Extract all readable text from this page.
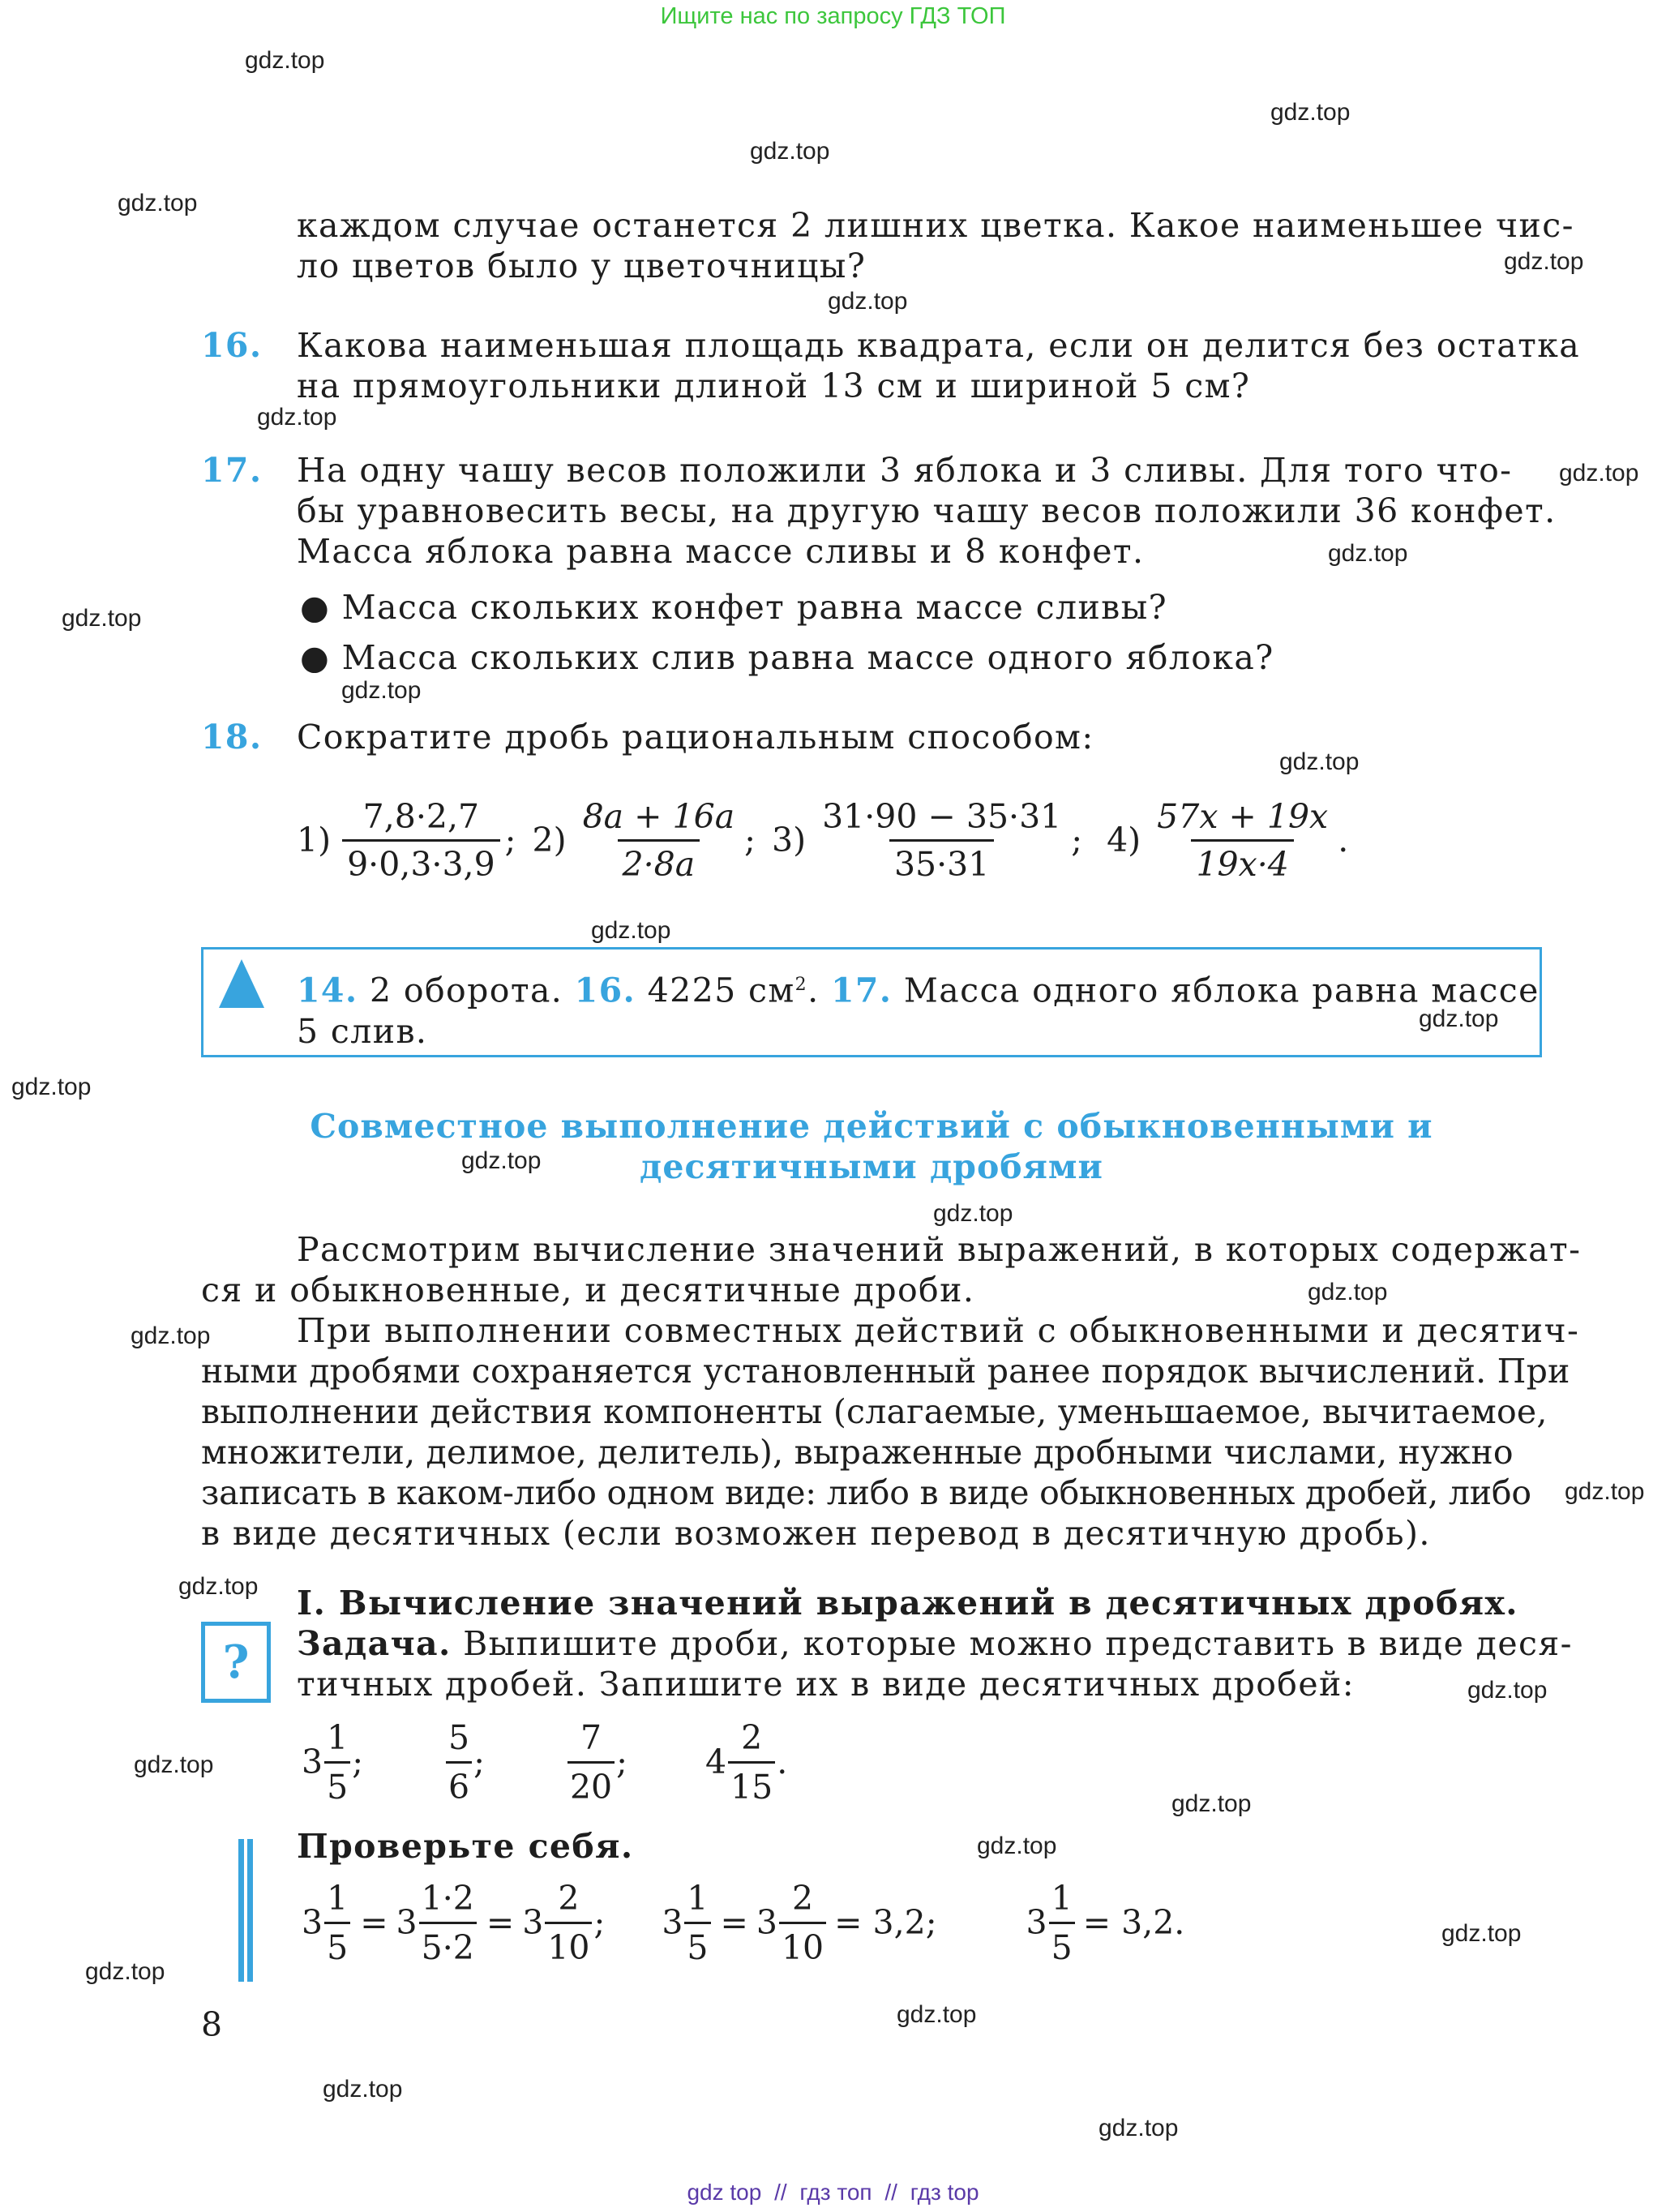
Ищите нас по запросу ГДЗ ТОП
каждом случае останется 2 лишних цветка. Какое наименьшее чис-
ло цветов было у цветочницы?
16. Какова наименьшая площадь квадрата, если он делится без остатка
на прямоугольники длиной 13 см и шириной 5 см?
17. На одну чашу весов положили 3 яблока и 3 сливы. Для того что-
бы уравновесить весы, на другую чашу весов положили 36 конфет.
Масса яблока равна массе сливы и 8 конфет.
● Масса скольких конфет равна массе сливы?
● Масса скольких слив равна массе одного яблока?
18. Сократите дробь рациональным способом:
$1) \frac{7,8\cdot 2,7}{9\cdot 0,3\cdot 3,9}$ ; $2) \frac{8a + 16a}{2\cdot 8a}$ ; $3) \frac{31\cdot 90 - 35\cdot 31}{35\cdot 31}$ ; $4) \frac{57x + 19x}{19x\cdot 4}$ .
14. 2 оборота. 16. 4225 $см^2$. 17. Масса одного яблока равна массе
5 слив.
Совместное выполнение действий с обыкновенными и
десятичными дробями
Рассмотрим вычисление значений выражений, в которых содержат-
ся и обыкновенные, и десятичные дроби.
При выполнении совместных действий с обыкновенными и десятич-
ными дробями сохраняется установленный ранее порядок вычислений. При
выполнении действия компоненты (слагаемые, уменьшаемое, вычитаемое,
множители, делимое, делитель), выраженные дробными числами, нужно
записать в каком-либо одном виде: либо в виде обыкновенных дробей, либо
в виде десятичных (если возможен перевод в десятичную дробь).
I. Вычисление значений выражений в десятичных дробях.
? Задача. Выпишите дроби, которые можно представить в виде деся-
тичных дробей. Запишите их в виде десятичных дробей:
3
1
5
;
5
6
;
7
20
; 4
2
15
.
Проверьте себя.
$3 \frac{1}{5} = 3 \frac{1\cdot 2}{5\cdot 2} = 3$
2
10
; $3 \frac{1}{5} = 3 \frac{2}{10} = 3,2$;	$3 \frac{1}{5} = 3,2$.
8
gdz.top
gdz.top
gdz.top
gdz.top
gdz.top
gdz.top
gdz.top
gdz.top
gdz.top
gdz.top
gdz.top
gdz.top
gdz.top
gdz.top
gdz.top
gdz.top
gdz.top
gdz.top
gdz.top
gdz.top
gdz.top
gdz.top
gdz.top
gdz.top
gdz.top
gdz.top
gdz.top
gdz.top
gdz.top
gdz.top
gdz top // гдз топ // гдз top
